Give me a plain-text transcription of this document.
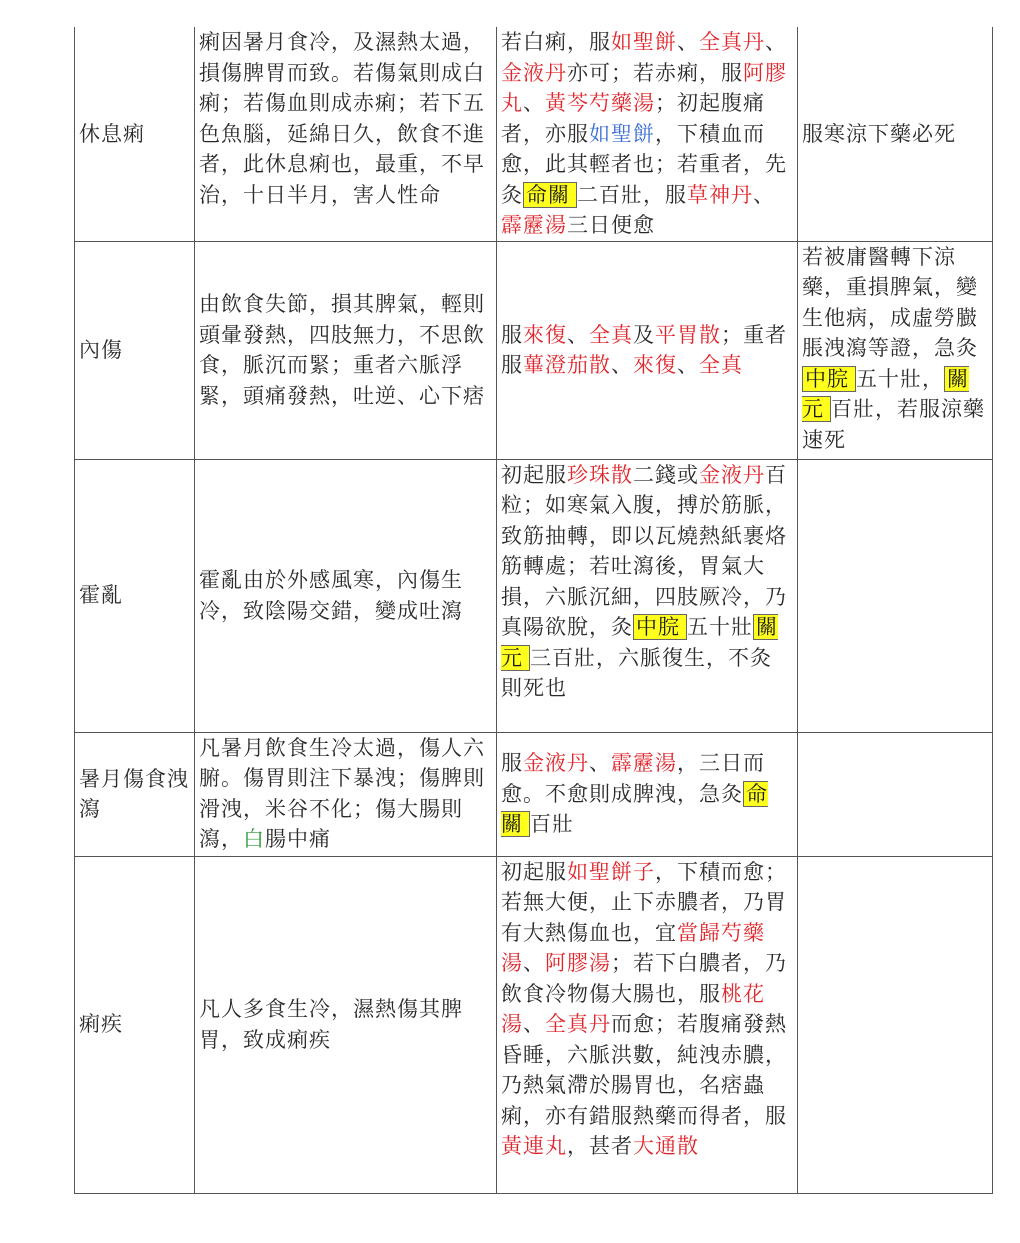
休息痢	痢因暑月食冷，及濕熱太過，損傷脾胃而致。若傷氣則成白痢；若傷血則成赤痢；若下五色魚腦，延綿日久，飲食不進者，此休息痢也，最重，不早治，十日半月，害人性命	若白痢，服如聖餅、全真丹、金液丹亦可；若赤痢，服阿膠丸、黃芩芍藥湯；初起腹痛者，亦服如聖餅，下積血而愈，此其輕者也；若重者，先灸 命關 二百壯，服草神丹、霹靂湯三日便愈	服寒涼下藥必死
內傷	由飲食失節，損其脾氣，輕則頭暈發熱，四肢無力，不思飲食，脈沉而緊；重者六脈浮緊，頭痛發熱，吐逆、心下痞	服來復、全真及平胃散；重者服蓽澄茄散、來復、全真	若被庸醫轉下涼藥，重損脾氣，變生他病，成虛勞臌脹洩瀉等證，急灸中脘 五十壯， 關元 百壯，若服涼藥速死
霍亂	霍亂由於外感風寒，內傷生冷，致陰陽交錯，變成吐瀉	初起服珍珠散二錢或金液丹百粒；如寒氣入腹，搏於筋脈，致筋抽轉，即以瓦燒熱紙裹烙筋轉處；若吐瀉後，胃氣大損，六脈沉細，四肢厥冷，乃真陽欲脫，灸 中脘 五十壯 關元 三百壯，六脈復生，不灸則死也	
暑月傷食洩瀉	凡暑月飲食生冷太過，傷人六腑。傷胃則注下暴洩；傷脾則滑洩，米谷不化；傷大腸則瀉，白腸中痛	服金液丹、霹靂湯，三日而愈。不愈則成脾洩，急灸 命關 百壯	
痢疾	凡人多食生冷，濕熱傷其脾胃，致成痢疾	初起服如聖餅子，下積而愈；若無大便，止下赤膿者，乃胃有大熱傷血也，宜當歸芍藥湯、阿膠湯；若下白膿者，乃飲食冷物傷大腸也，服桃花湯、全真丹而愈；若腹痛發熱昏睡，六脈洪數，純洩赤膿，乃熱氣滯於腸胃也，名痞蟲痢，亦有錯服熱藥而得者，服黃連丸，甚者大通散	
